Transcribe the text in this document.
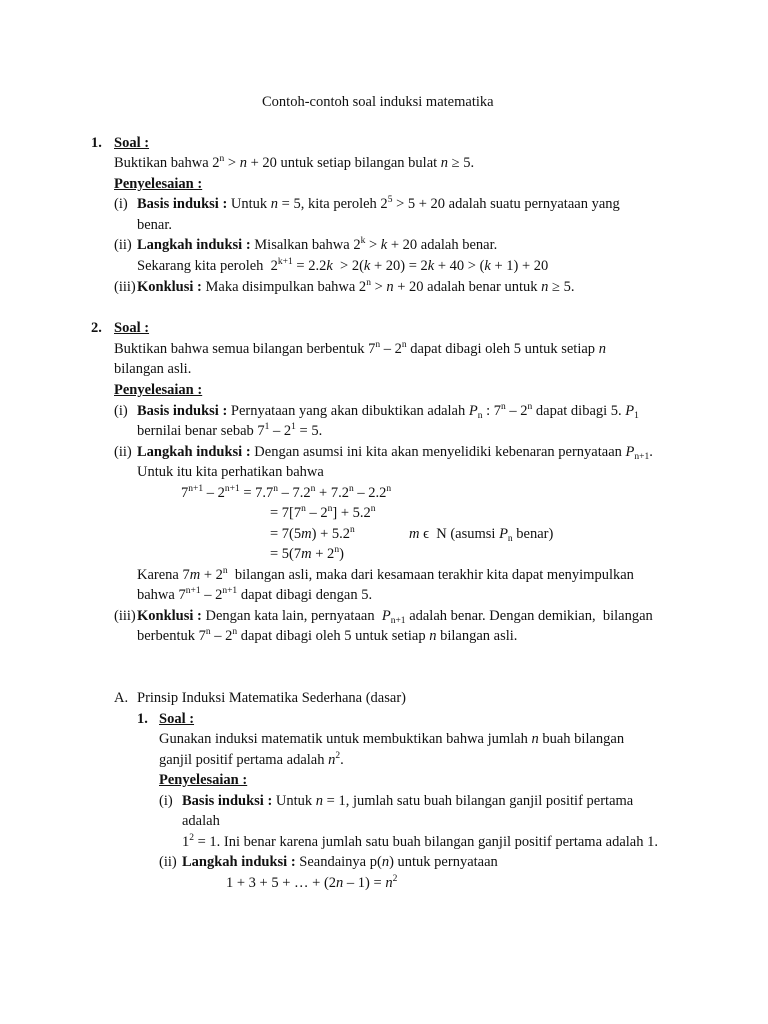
Contoh-contoh soal induksi matematika
1. Soal :
Buktikan bahwa $2^n > n + 20$ untuk setiap bilangan bulat n ≥ 5.
Penyelesaian :
(i) Basis induksi : Untuk n = 5, kita peroleh $2^5 > 5 + 20$ adalah suatu pernyataan yang
benar.
(ii) Langkah induksi : Misalkan bahwa $2^k > k + 20$ adalah benar.
Sekarang kita peroleh  $2^{k+1} = 2.2k > 2(k + 20) = 2k + 40 > (k + 1) + 20$
(iii) Konklusi : Maka disimpulkan bahwa $2^n > n + 20$ adalah benar untuk n ≥ 5.
2. Soal :
Buktikan bahwa semua bilangan berbentuk 7$^n$ – 2$^n$ dapat dibagi oleh 5 untuk setiap n
bilangan asli.
Penyelesaian :
(i) Basis induksi : Pernyataan yang akan dibuktikan adalah $P_n$ : 7$^n$ – 2$^n$ dapat dibagi 5. $P_1$
bernilai benar sebab $7^1 - 2^1 = 5$.
(ii) Langkah induksi : Dengan asumsi ini kita akan menyelidiki kebenaran pernyataan $P_{n+1}$.
Untuk itu kita perhatikan bahwa
$7^{n+1} - 2^{n+1} = 7.7^n - 7.2^n + 7.2^n - 2.2^n$
= $7[7^n - 2^n] + 5.2^n$
= $7(5m) + 5.2^n$	m ϵ  N (asumsi $P_n$ benar)
= $5(7m + 2^n)$
Karena $7m + 2^n$  bilangan asli, maka dari kesamaan terakhir kita dapat menyimpulkan
bahwa $7^{n+1} - 2^{n+1}$ dapat dibagi dengan 5.
(iii) Konklusi : Dengan kata lain, pernyataan  $P_{n+1}$ adalah benar. Dengan demikian,  bilangan
berbentuk 7$^n$ – 2$^n$ dapat dibagi oleh 5 untuk setiap n bilangan asli.
A. Prinsip Induksi Matematika Sederhana (dasar)
1. Soal :
Gunakan induksi matematik untuk membuktikan bahwa jumlah n buah bilangan
ganjil positif pertama adalah $n^2$.
Penyelesaian :
(i) Basis induksi : Untuk n = 1, jumlah satu buah bilangan ganjil positif pertama
adalah
$1^2 = 1$. Ini benar karena jumlah satu buah bilangan ganjil positif pertama adalah 1.
(ii) Langkah induksi : Seandainya p(n) untuk pernyataan
1 + 3 + 5 + … + $(2n - 1) = n^2$
